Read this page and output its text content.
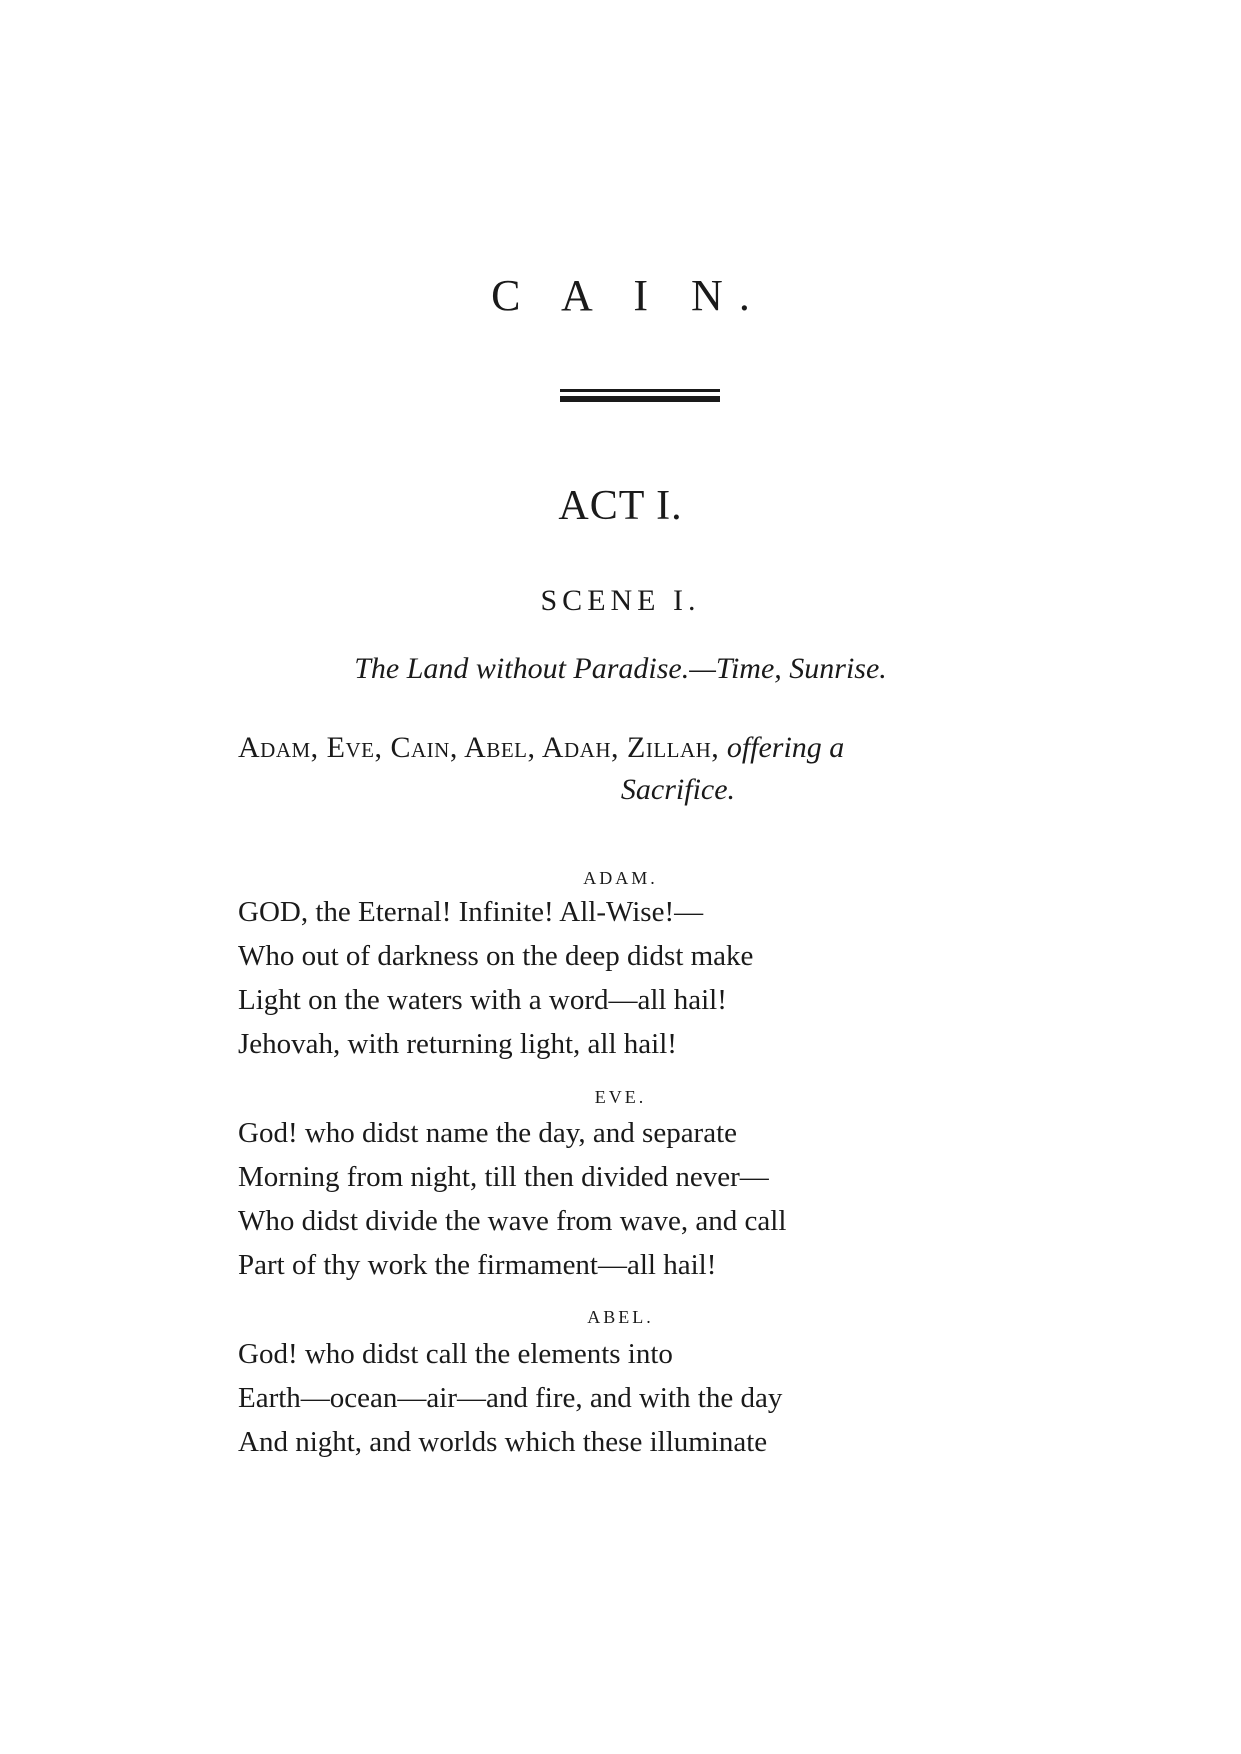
C A I N.
ACT I.
SCENE I.
The Land without Paradise.—Time, Sunrise.
Adam, Eve, Cain, Abel, Adah, Zillah, offering a
Sacrifice.
ADAM.
GOD, the Eternal! Infinite! All-Wise!—
Who out of darkness on the deep didst make
Light on the waters with a word—all hail!
Jehovah, with returning light, all hail!
EVE.
God! who didst name the day, and separate
Morning from night, till then divided never—
Who didst divide the wave from wave, and call
Part of thy work the firmament—all hail!
ABEL.
God! who didst call the elements into
Earth—ocean—air—and fire, and with the day
And night, and worlds which these illuminate
